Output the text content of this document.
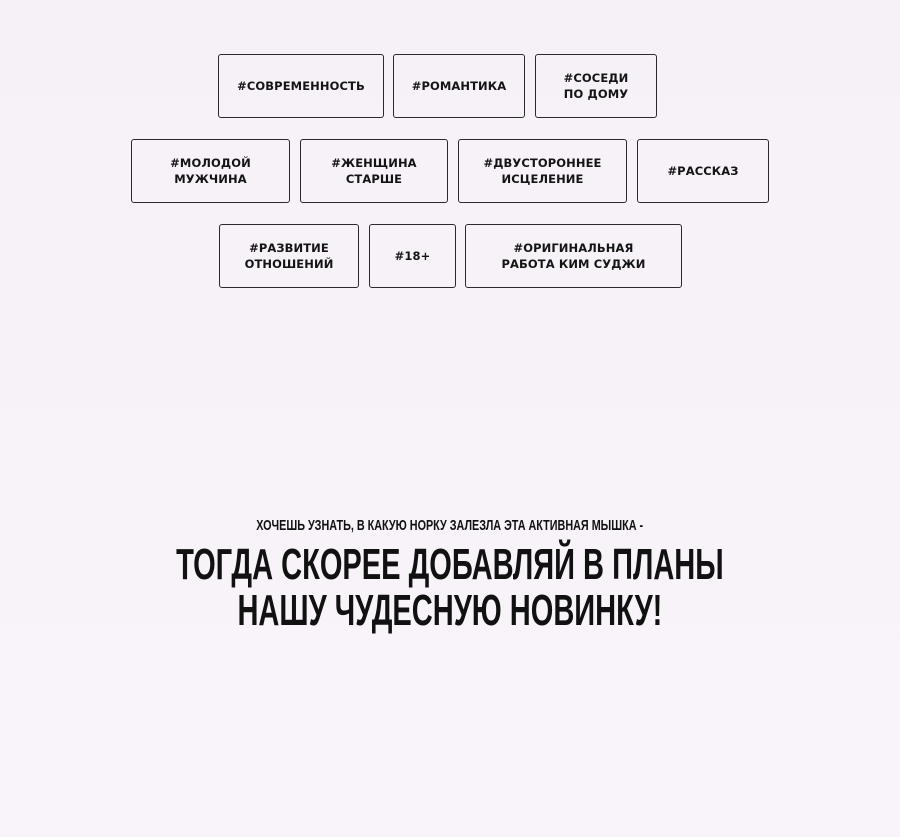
#СОВРЕМЕННОСТЬ	#РОМАНТИКА
#СОСЕДИ
ПО ДОМУ
#МОЛОДОЙ
МУЖЧИНА
#ЖЕНЩИНА
СТАРШЕ
#ДВУСТОРОННЕЕ
ИСЦЕЛЕНИЕ
#РАССКАЗ
#РАЗВИТИЕ
ОТНОШЕНИЙ
#18+
#ОРИГИНАЛЬНАЯ
РАБОТА КИМ СУДЖИ
ХОЧЕШЬ УЗНАТЬ, В КАКУЮ НОРКУ ЗАЛЕЗЛА ЭТА АКТИВНАЯ МЫШКА -
ТОГДА СКОРЕЕ ДОБАВЛЯЙ В ПЛАНЫ
НАШУ ЧУДЕСНУЮ НОВИНКУ!
